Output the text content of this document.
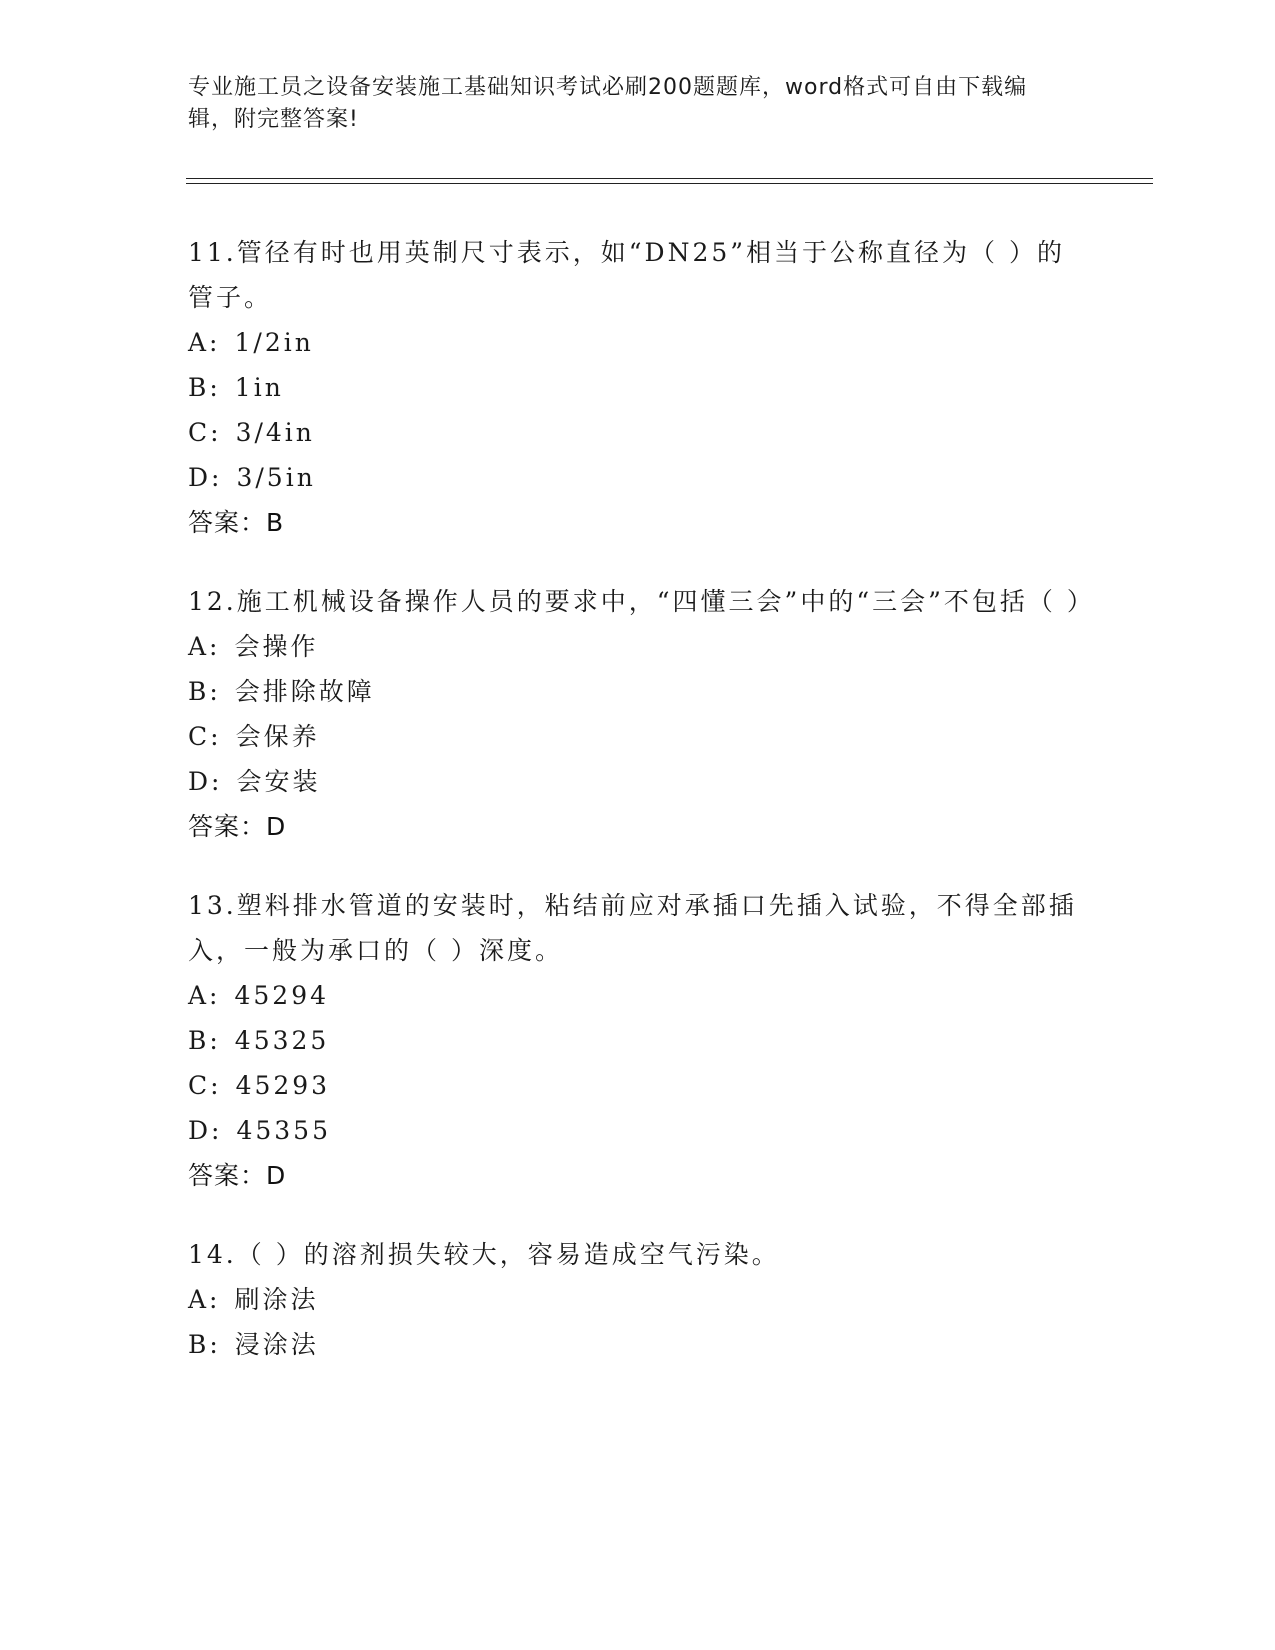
专业施工员之设备安装施工基础知识考试必刷200题题库，word格式可自由下载编辑，附完整答案!

11.管径有时也用英制尺寸表示，如“DN25”相当于公称直径为（ ）的管子。

A: 1/2in

B: 1in

C: 3/4in

D: 3/5in

答案：B

12.施工机械设备操作人员的要求中，“四懂三会”中的“三会”不包括（ ）

A: 会操作

B: 会排除故障

C: 会保养

D: 会安装

答案：D

13.塑料排水管道的安装时，粘结前应对承插口先插入试验，不得全部插入，一般为承口的（ ）深度。

A: 45294

B: 45325

C: 45293

D: 45355

答案：D

14.（ ）的溶剂损失较大，容易造成空气污染。

A: 刷涂法

B: 浸涂法
